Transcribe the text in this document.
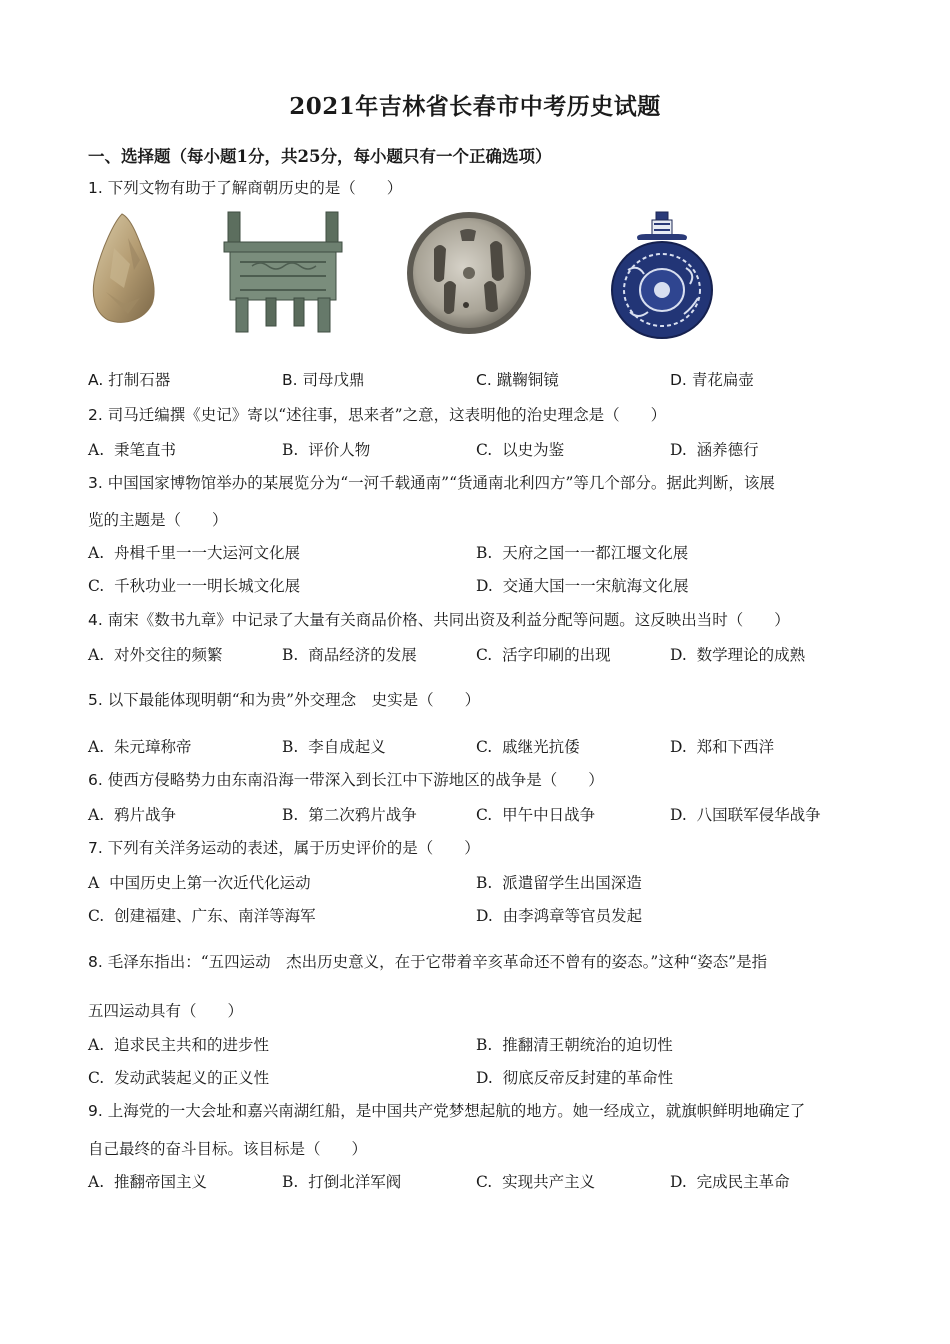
2021年吉林省长春市中考历史试题
一、选择题（每小题1分，共25分，每小题只有一个正确选项）
1. 下列文物有助于了解商朝历史的是（　　）
A. 打制石器	B. 司母戊鼎	C. 蹴鞠铜镜	D. 青花扁壶
2. 司马迁编撰《史记》寄以“述往事，思来者”之意，这表明他的治史理念是（　　）
A. 秉笔直书	B. 评价人物	C. 以史为鉴	D. 涵养德行
3. 中国国家博物馆举办的某展览分为“一河千载通南”“货通南北利四方”等几个部分。据此判断，该展
览的主题是（　　）
A. 舟楫千里一一大运河文化展	B. 天府之国一一都江堰文化展
C. 千秋功业一一明长城文化展	D. 交通大国一一宋航海文化展
4. 南宋《数书九章》中记录了大量有关商品价格、共同出资及利益分配等问题。这反映出当时（　　）
A. 对外交往的频繁	B. 商品经济的发展	C. 活字印刷的出现	D. 数学理论的成熟
5. 以下最能体现明朝“和为贵”外交理念　史实是（　　）
A. 朱元璋称帝	B. 李自成起义	C. 戚继光抗倭	D. 郑和下西洋
6. 使西方侵略势力由东南沿海一带深入到长江中下游地区的战争是（　　）
A. 鸦片战争	B. 第二次鸦片战争	C. 甲午中日战争	D. 八国联军侵华战争
7. 下列有关洋务运动的表述，属于历史评价的是（　　）
A 中国历史上第一次近代化运动	B. 派遣留学生出国深造
C. 创建福建、广东、南洋等海军	D. 由李鸿章等官员发起
8. 毛泽东指出：“五四运动　杰出历史意义，在于它带着辛亥革命还不曾有的姿态。”这种“姿态”是指
五四运动具有（　　）
A. 追求民主共和的进步性	B. 推翻清王朝统治的迫切性
C. 发动武装起义的正义性	D. 彻底反帝反封建的革命性
9. 上海党的一大会址和嘉兴南湖红船，是中国共产党梦想起航的地方。她一经成立，就旗帜鲜明地确定了
自己最终的奋斗目标。该目标是（　　）
A. 推翻帝国主义	B. 打倒北洋军阀	C. 实现共产主义	D. 完成民主革命
